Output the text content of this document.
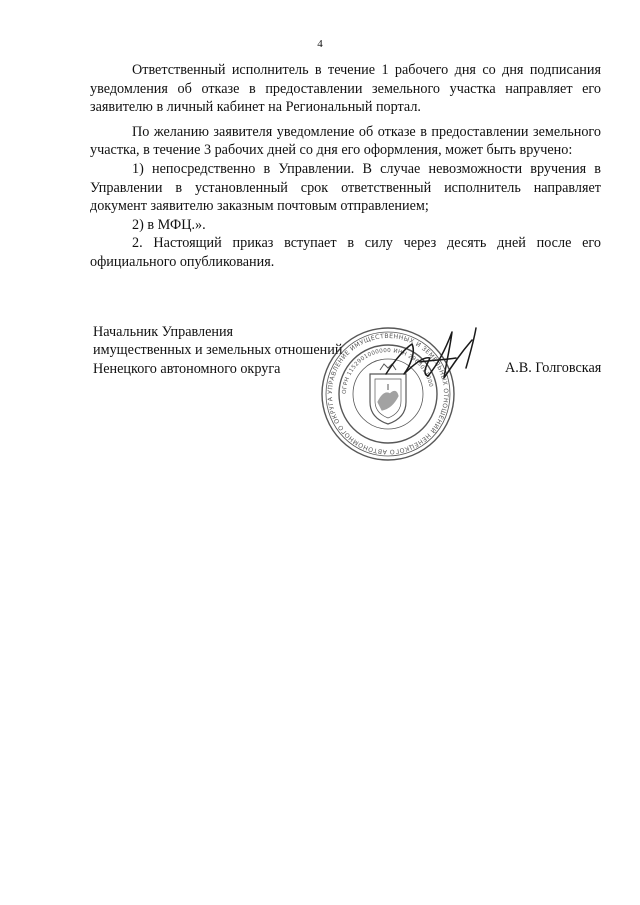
4

Ответственный исполнитель в течение 1 рабочего дня со дня подписания уведомления об отказе в предоставлении земельного участка направляет его заявителю в личный кабинет на Региональный портал.

По желанию заявителя уведомление об отказе в предоставлении земельного участка, в течение 3 рабочих дней со дня его оформления, может быть вручено:

1) непосредственно в Управлении. В случае невозможности вручения в Управлении в установленный срок ответственный исполнитель направляет документ заявителю заказным почтовым отправлением;

2) в МФЦ.».

2. Настоящий приказ вступает в силу через десять дней после его официального опубликования.

Начальник Управления
имущественных и земельных отношений
Ненецкого автономного округа
УПРАВЛЕНИЕ ИМУЩЕСТВЕННЫХ И ЗЕМЕЛЬНЫХ ОТНОШЕНИЙ НЕНЕЦКОГО АВТОНОМНОГО ОКРУГА
ОГРН 1152901000000 ИНН 2983011000
А.В. Голговская
